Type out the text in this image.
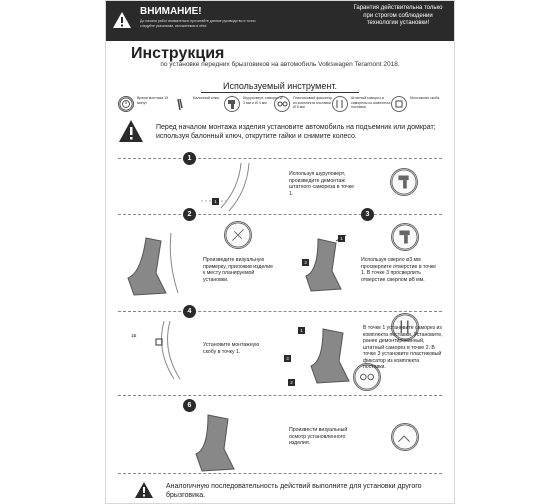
ВНИМАНИЕ!
До начала работ внимательно прочитайте данное руководство и точно следуйте указаниям, изложенным в нём!
Гарантия действительна только при строгом соблюдении технологии установки!
Инструкция
по установке передних брызговиков на автомобиль Volkswagen Teramont 2018.
Используемый инструмент.
Время монтажа 15 минут
Балонный ключ	Шуруповерт, саморез Ø 3 мм и Ø 4 мм
Пластиковый фиксатор из комплекта поставки Ø 8 мм
Штатный саморез и саморезы из комплекта поставки
Монтажная скоба
Перед началом монтажа изделия установите автомобиль на подъемник или домкрат; используя балонный ключ, открутите гайки и снимите колесо.
1
1
Используя шуруповерт, произведите демонтаж штатного самореза в точке 1.
2
Произведите визуальную примерку, приложив изделие к месту планируемой установки.
3
1
3	Используя сверло ø3 мм просверлите отверстие в точке 1. В точке 3 просверлить отверстие сверлом ø8 мм.
4
1Б
Установите монтажную скобу в точку 1.
1
3
2
В точке 1 установите саморез из комплекта поставки. Установите, ранее демонтированный, штатный саморез в точке 2. В точке 3 установите пластиковый фиксатор из комплекта поставки.
6
Произвести визуальный осмотр установленного изделия.
Аналогичную последовательность действий выполните для установки другого брызговика.
